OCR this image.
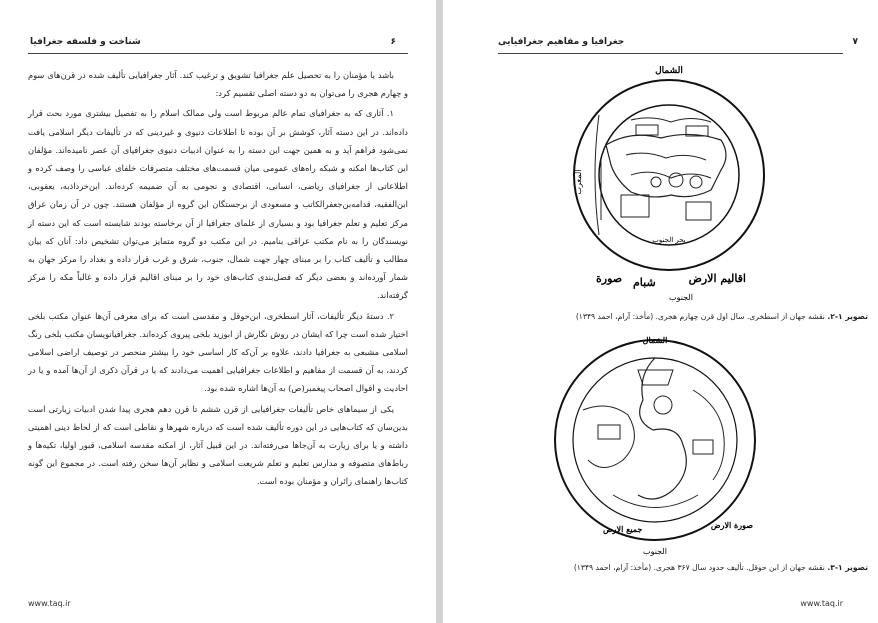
شناخت و فلسفه جغرافیا	۶

باشد یا مؤمنان را به تحصیل علم جغرافیا تشویق و ترغیب کند. آثار جغرافیایی تألیف شده در قرن‌های سوم و چهارم هجری را می‌توان به دو دسته اصلی تقسیم کرد:

۱. آثاری که به جغرافیای تمام عالم مربوط است ولی ممالک اسلام را به تفصیل بیشتری مورد بحث قرار داده‌اند. در این دسته آثار، کوشش بر آن بوده تا اطلاعات دنیوی و غیردینی که در تألیفات دیگر اسلامی یافت نمی‌شود فراهم آید و به همین جهت این دسته را به عنوان ادبیات دنیوی جغرافیای آن عصر نامیده‌اند. مؤلفان این کتاب‌ها امکنه و شبکه راه‌های عمومی میان قسمت‌های مختلف متصرفات خلفای عباسی را وصف کرده و اطلاعاتی از جغرافیای ریاضی، انسانی، اقتصادی و نجومی به آن ضمیمه کرده‌اند. ابن‌خرداذبه، یعقوبی، ابن‌الفقیه، قدامه‌بن‌جعفرالکاتب و مسعودی از برجستگان این گروه از مؤلفان هستند. چون در آن زمان عراق مرکز تعلیم و تعلم جغرافیا بود و بسیاری از علمای جغرافیا از آن برخاسته بودند شایسته است که این دسته از نویسندگان را به نام مکتب عراقی بنامیم. در این مکتب دو گروه متمایز می‌توان تشخیص داد: آنان که بیان مطالب و تألیف کتاب را بر مبنای چهار جهت شمال، جنوب، شرق و غرب قرار داده و بغداد را مرکز جهان به شمار آورده‌اند و بعضی دیگر که فصل‌بندی کتاب‌های خود را بر مبنای اقالیم قرار داده و غالباً مکه را مرکز گرفته‌اند.

۲. دستهٔ دیگر تألیفات، آثار اسطخری، ابن‌حوقل و مقدسی است که برای معرفی آن‌ها عنوان مکتب بلخی اختیار شده است چرا که ایشان در روش نگارش از ابوزید بلخی پیروی کرده‌اند. جغرافیانویسان مکتب بلخی رنگ اسلامی مشبعی به جغرافیا دادند، علاوه بر آن‌که کار اساسی خود را بیشتر منحصر در توصیف اراضی اسلامی کردند، به آن قسمت از مفاهیم و اطلاعات جغرافیایی اهمیت می‌دادند که یا در قرآن ذکری از آن‌ها آمده و یا در احادیث و اقوال اصحاب پیغمبر(ص) به آن‌ها اشاره شده بود.

یکی از سیماهای خاص تألیفات جغرافیایی از قرن ششم تا قرن دهم هجری پیدا شدن ادبیات زیارتی است بدین‌سان که کتاب‌هایی در این دوره تألیف شده است که درباره شهرها و نقاطی است که از لحاظ دینی اهمیتی داشته و یا برای زیارت به آن‌جاها می‌رفته‌اند. در این قبیل آثار، از امکنه مقدسه اسلامی، قبور اولیا، تکیه‌ها و رباط‌های متصوفه و مدارس تعلیم و تعلم شریعت اسلامی و نظایر آن‌ها سخن رفته است. در مجموع این گونه کتاب‌ها راهنمای زائران و مؤمنان بوده است.

www.taq.ir
جغرافیا و مفاهیم جغرافیایی	۷
الشمال
بحر الجنوب
المغرب
صورة شبام	اقاليم الارض
الجنوب
تصویر ۱-۲. نقشه جهان از اسطخری. سال اول قرن چهارم هجری. (مأخذ: آرام، احمد ۱۳۴۹)
الشمال
جميع الارض	صورة الارض
الجنوب
تصویر ۱-۳. نقشه جهان از ابن حوقل. تألیف حدود سال ۳۶۷ هجری. (مأخذ: آرام، احمد ۱۳۴۹)
www.taq.ir
